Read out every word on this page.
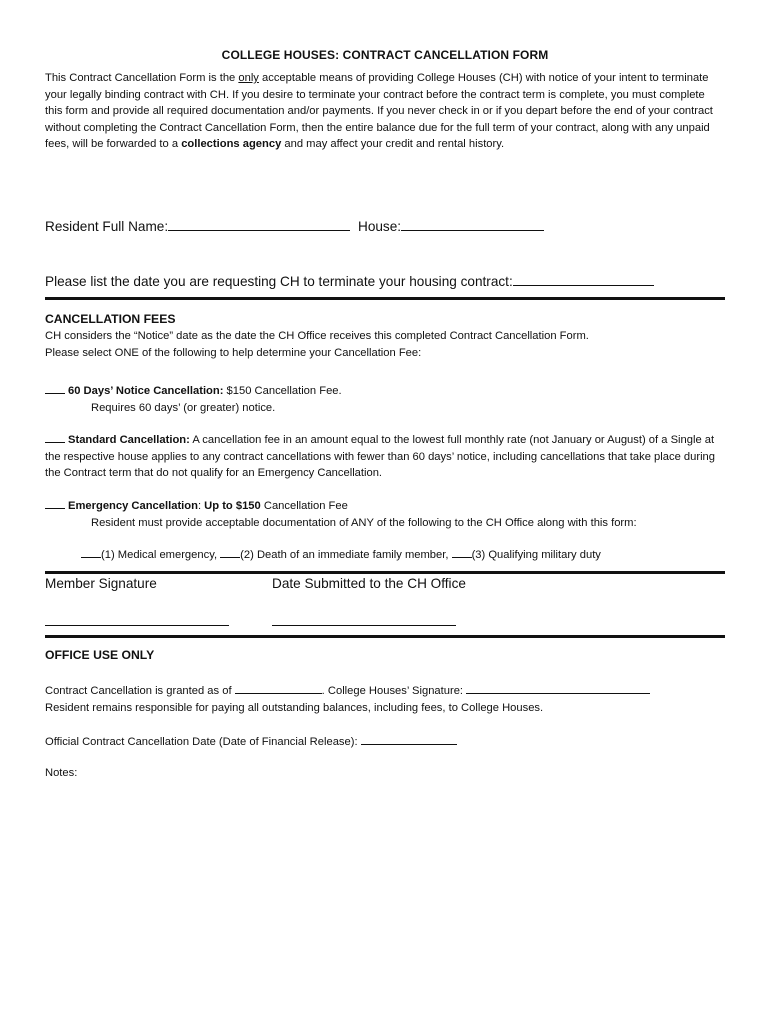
COLLEGE HOUSES: CONTRACT CANCELLATION FORM
This Contract Cancellation Form is the only acceptable means of providing College Houses (CH) with notice of your intent to terminate your legally binding contract with CH. If you desire to terminate your contract before the contract term is complete, you must complete this form and provide all required documentation and/or payments. If you never check in or if you depart before the end of your contract without completing the Contract Cancellation Form, then the entire balance due for the full term of your contract, along with any unpaid fees, will be forwarded to a collections agency and may affect your credit and rental history.
Resident Full Name:	House:
Please list the date you are requesting CH to terminate your housing contract:
CANCELLATION FEES
CH considers the “Notice” date as the date the CH Office receives this completed Contract Cancellation Form.
Please select ONE of the following to help determine your Cancellation Fee:
60 Days’ Notice Cancellation: $150 Cancellation Fee.
Requires 60 days’ (or greater) notice.
Standard Cancellation: A cancellation fee in an amount equal to the lowest full monthly rate (not January or August) of a Single at the respective house applies to any contract cancellations with fewer than 60 days’ notice, including cancellations that take place during the Contract term that do not qualify for an Emergency Cancellation.
Emergency Cancellation: Up to $150 Cancellation Fee
Resident must provide acceptable documentation of ANY of the following to the CH Office along with this form:
(1) Medical emergency, (2) Death of an immediate family member, (3) Qualifying military duty
Member Signature	Date Submitted to the CH Office
OFFICE USE ONLY
Contract Cancellation is granted as of	. College Houses’ Signature:
Resident remains responsible for paying all outstanding balances, including fees, to College Houses.
Official Contract Cancellation Date (Date of Financial Release):
Notes:
